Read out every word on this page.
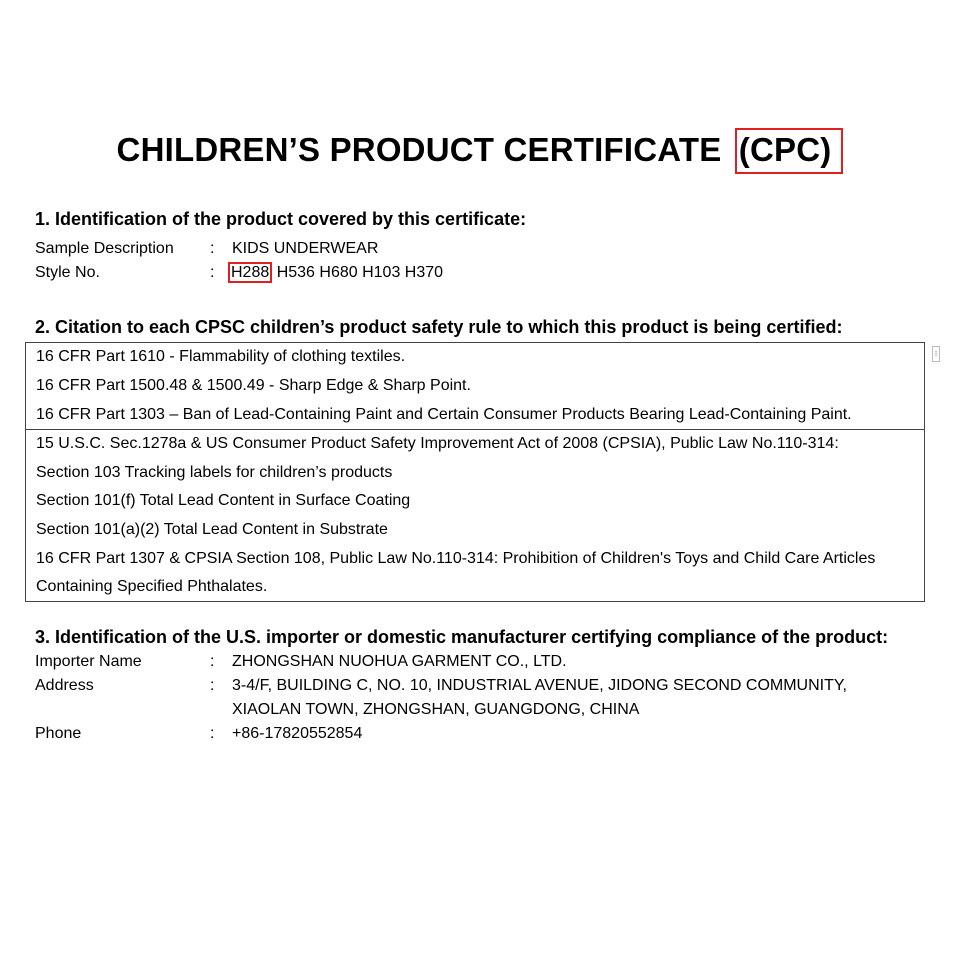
CHILDREN’S PRODUCT CERTIFICATE (CPC)
1. Identification of the product covered by this certificate:
Sample Description : KIDS UNDERWEAR
Style No.	: H288 H536 H680 H103 H370
2. Citation to each CPSC children’s product safety rule to which this product is being certified:
16 CFR Part 1610 - Flammability of clothing textiles.
16 CFR Part 1500.48 & 1500.49 - Sharp Edge & Sharp Point.
16 CFR Part 1303 – Ban of Lead-Containing Paint and Certain Consumer Products Bearing Lead-Containing Paint.
15 U.S.C. Sec.1278a & US Consumer Product Safety Improvement Act of 2008 (CPSIA), Public Law No.110-314:
Section 103 Tracking labels for children’s products
Section 101(f) Total Lead Content in Surface Coating
Section 101(a)(2) Total Lead Content in Substrate
16 CFR Part 1307 & CPSIA Section 108, Public Law No.110-314: Prohibition of Children's Toys and Child Care Articles
Containing Specified Phthalates.
⁝
3. Identification of the U.S. importer or domestic manufacturer certifying compliance of the product:
Importer Name	: ZHONGSHAN NUOHUA GARMENT CO., LTD.
Address	: 3-4/F, BUILDING C, NO. 10, INDUSTRIAL AVENUE, JIDONG SECOND COMMUNITY,
XIAOLAN TOWN, ZHONGSHAN, GUANGDONG, CHINA
Phone	: +86-17820552854
